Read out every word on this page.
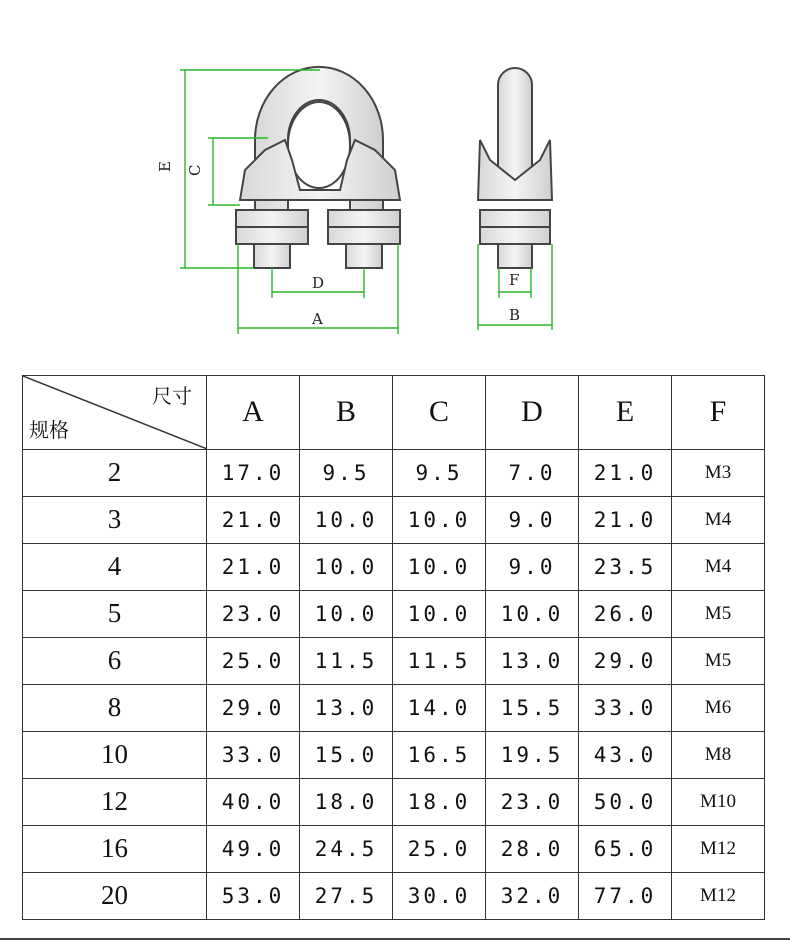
E C
D
A
F
B
尺寸
规格	A	B	C	D	E	F
2	17.0	9.5	9.5	7.0	21.0	M3
3	21.0	10.0	10.0	9.0	21.0	M4
4	21.0	10.0	10.0	9.0	23.5	M4
5	23.0	10.0	10.0	10.0	26.0	M5
6	25.0	11.5	11.5	13.0	29.0	M5
8	29.0	13.0	14.0	15.5	33.0	M6
10	33.0	15.0	16.5	19.5	43.0	M8
12	40.0	18.0	18.0	23.0	50.0	M10
16	49.0	24.5	25.0	28.0	65.0	M12
20	53.0	27.5	30.0	32.0	77.0	M12
